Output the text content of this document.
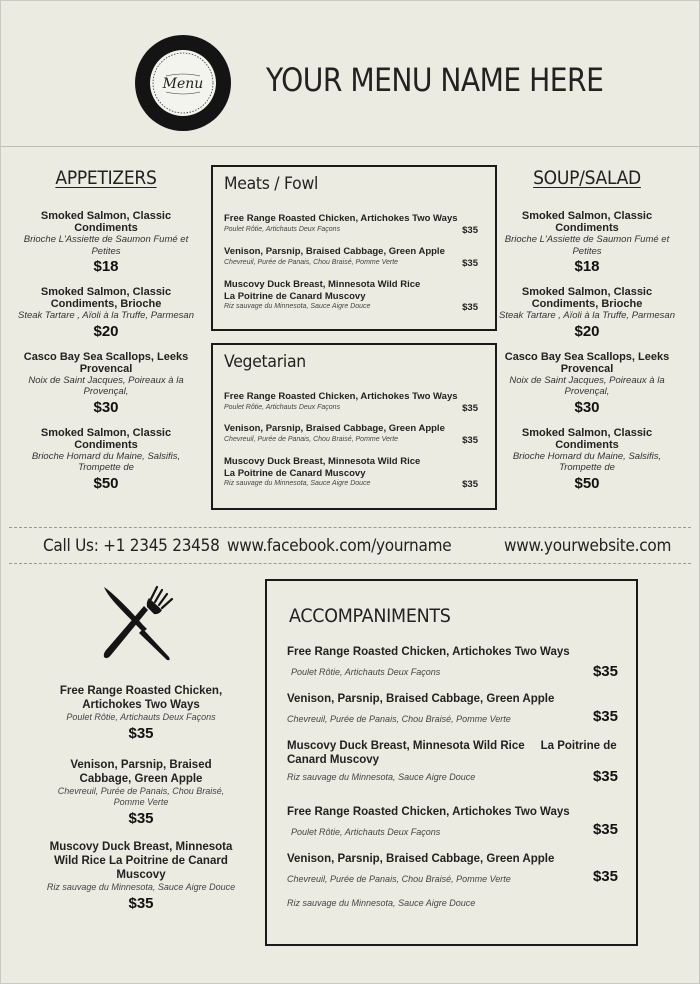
Menu YOUR MENU NAME HERE
APPETIZERS
Smoked Salmon, Classic Condiments
Brioche L'Assiette de Saumon Fumé et Petites
$18
Smoked Salmon, Classic Condiments, Brioche
Steak Tartare , Aïoli à la Truffe, Parmesan
$20
Casco Bay Sea Scallops, Leeks Provencal
Noix de Saint Jacques, Poireaux à la Provençal,
$30
Smoked Salmon, Classic Condiments
Brioche Homard du Maine, Salsifis, Trompette de
$50
SOUP/SALAD
Smoked Salmon, Classic Condiments
Brioche L'Assiette de Saumon Fumé et Petites
$18
Smoked Salmon, Classic Condiments, Brioche
Steak Tartare , Aïoli à la Truffe, Parmesan
$20
Casco Bay Sea Scallops, Leeks Provencal
Noix de Saint Jacques, Poireaux à la Provençal,
$30
Smoked Salmon, Classic Condiments
Brioche Homard du Maine, Salsifis, Trompette de
$50
Meats / Fowl
Free Range Roasted Chicken, Artichokes Two Ways
Poulet Rôtie, Artichauts Deux Façons	$35
Venison, Parsnip, Braised Cabbage, Green Apple
Chevreuil, Purée de Panais, Chou Braisé, Pomme Verte	$35
Muscovy Duck Breast, Minnesota Wild Rice La Poitrine de Canard Muscovy
Riz sauvage du Minnesota, Sauce Aigre Douce	$35
Vegetarian
Free Range Roasted Chicken, Artichokes Two Ways
Poulet Rôtie, Artichauts Deux Façons	$35
Venison, Parsnip, Braised Cabbage, Green Apple
Chevreuil, Purée de Panais, Chou Braisé, Pomme Verte	$35
Muscovy Duck Breast, Minnesota Wild Rice La Poitrine de Canard Muscovy
Riz sauvage du Minnesota, Sauce Aigre Douce	$35
Call Us: +1 2345 23458 www.facebook.com/yourname	www.yourwebsite.com
Free Range Roasted Chicken, Artichokes Two Ways
Poulet Rôtie, Artichauts Deux Façons
$35
Venison, Parsnip, Braised Cabbage, Green Apple
Chevreuil, Purée de Panais, Chou Braisé, Pomme Verte
$35
Muscovy Duck Breast, Minnesota Wild Rice La Poitrine de Canard Muscovy
Riz sauvage du Minnesota, Sauce Aigre Douce
$35
ACCOMPANIMENTS
Free Range Roasted Chicken, Artichokes Two Ways
Poulet Rôtie, Artichauts Deux Façons	$35
Venison, Parsnip, Braised Cabbage, Green Apple
Chevreuil, Purée de Panais, Chou Braisé, Pomme Verte	$35
Muscovy Duck Breast, Minnesota Wild Rice     La Poitrine de Canard Muscovy
Riz sauvage du Minnesota, Sauce Aigre Douce	$35
Free Range Roasted Chicken, Artichokes Two Ways
Poulet Rôtie, Artichauts Deux Façons	$35
Venison, Parsnip, Braised Cabbage, Green Apple
Chevreuil, Purée de Panais, Chou Braisé, Pomme Verte	$35
Riz sauvage du Minnesota, Sauce Aigre Douce
